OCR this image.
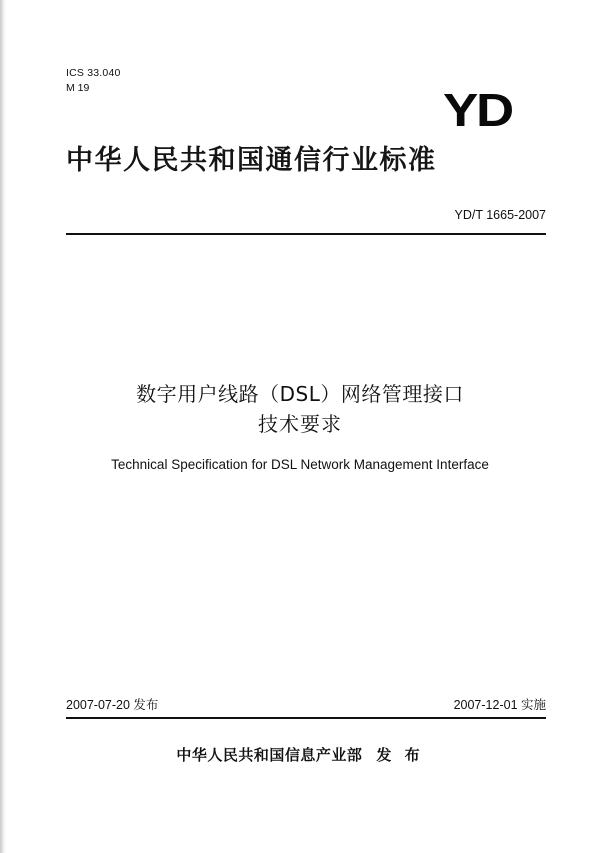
ICS 33.040
M 19	YD
中华人民共和国通信行业标准
YD/T 1665-2007
数字用户线路（DSL）网络管理接口
技术要求
Technical Specification for DSL Network Management Interface
2007-07-20 发布	2007-12-01 实施
中华人民共和国信息产业部 发 布
